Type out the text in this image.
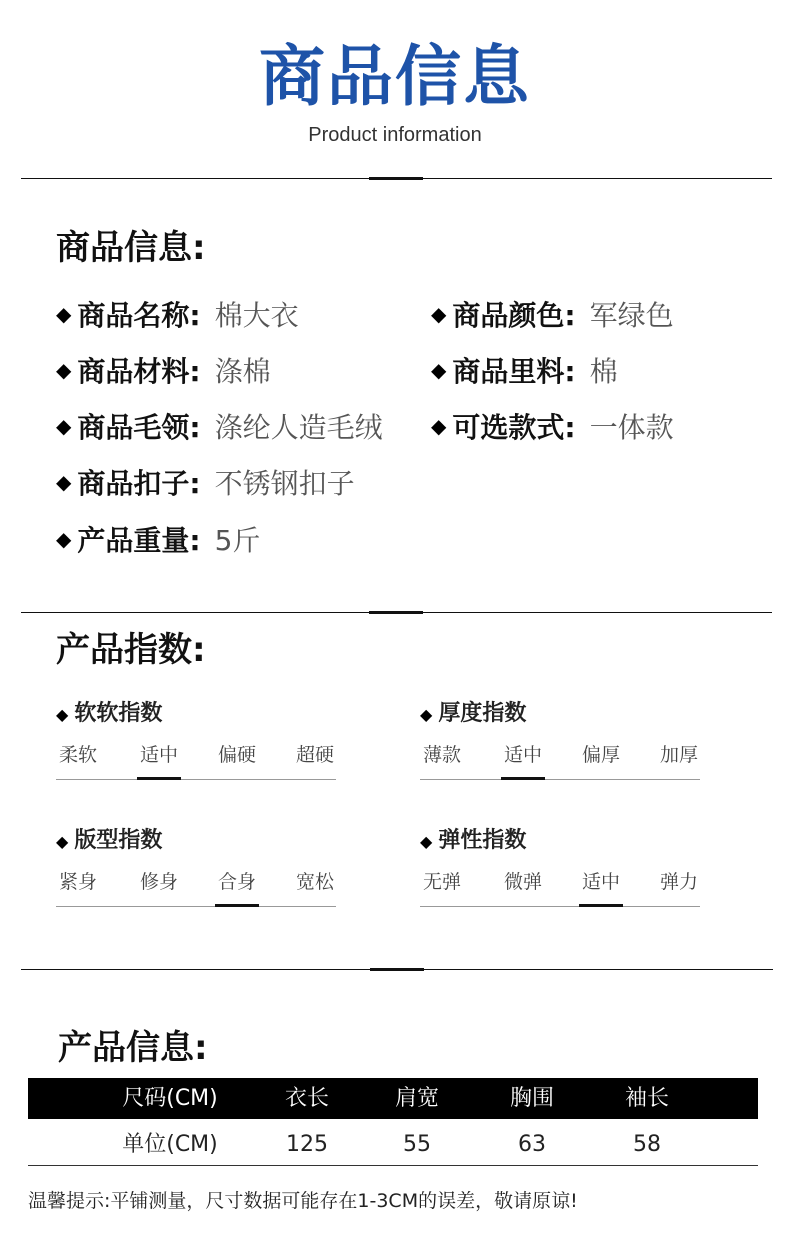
商品信息
Product information
商品信息:
◆ 商品名称: 棉大衣	◆ 商品颜色: 军绿色
◆ 商品材料: 涤棉	◆ 商品里料: 棉
◆ 商品毛领: 涤纶人造毛绒 ◆ 可选款式: 一体款
◆ 商品扣子: 不锈钢扣子
◆ 产品重量: 5斤
产品指数:
◆ 软软指数
柔软 适中 偏硬 超硬
◆ 厚度指数
薄款 适中 偏厚 加厚
◆ 版型指数
紧身 修身 合身 宽松
◆ 弹性指数
无弹 微弹 适中 弹力
产品信息:
尺码(CM)	衣长	肩宽	胸围	袖长
单位(CM)	125	55	63	58
温馨提示:平铺测量，尺寸数据可能存在1-3CM的误差，敬请原谅!
